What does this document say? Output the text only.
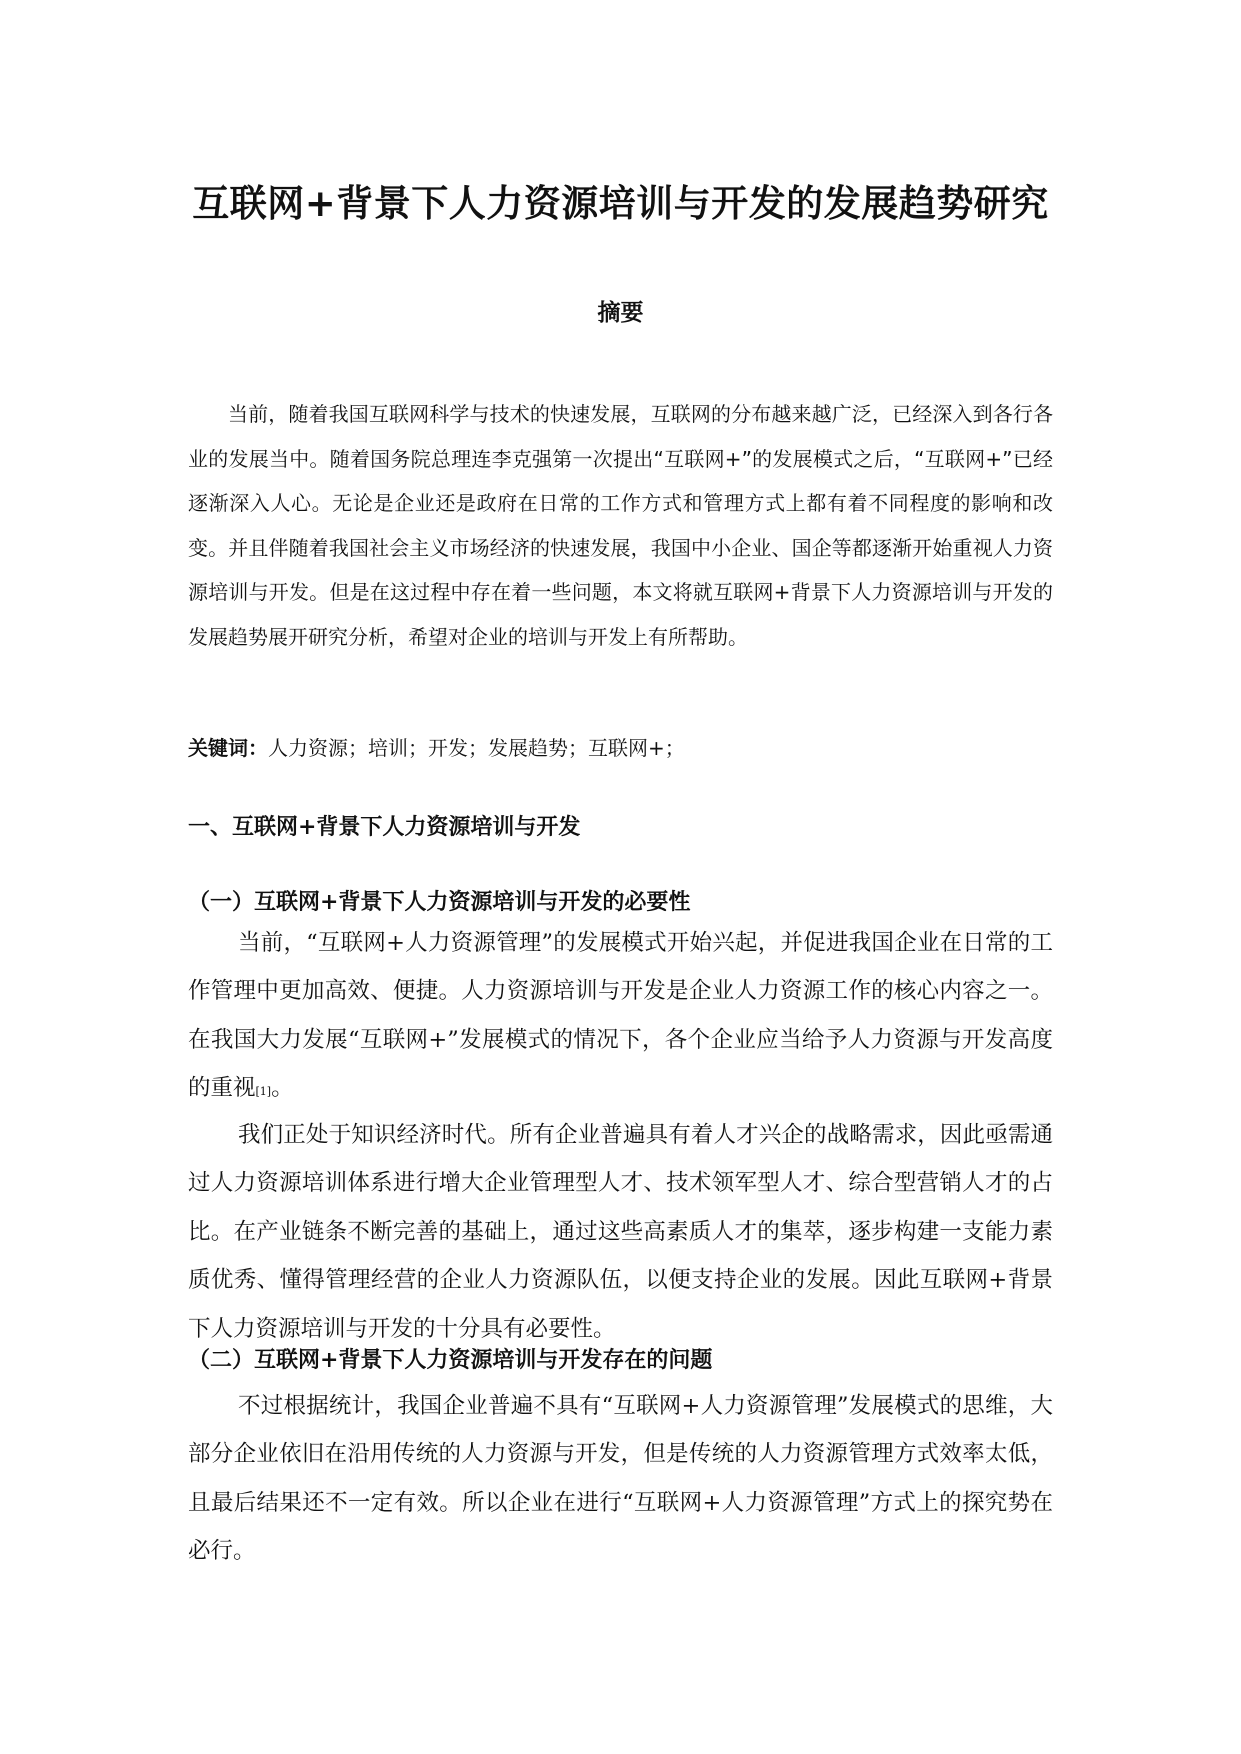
互联网+背景下人力资源培训与开发的发展趋势研究
摘要

当前，随着我国互联网科学与技术的快速发展，互联网的分布越来越广泛，已经深入到各行各业的发展当中。随着国务院总理连李克强第一次提出“互联网+”的发展模式之后，“互联网+”已经逐渐深入人心。无论是企业还是政府在日常的工作方式和管理方式上都有着不同程度的影响和改变。并且伴随着我国社会主义市场经济的快速发展，我国中小企业、国企等都逐渐开始重视人力资源培训与开发。但是在这过程中存在着一些问题，本文将就互联网+背景下人力资源培训与开发的发展趋势展开研究分析，希望对企业的培训与开发上有所帮助。

关键词：人力资源；培训；开发；发展趋势；互联网+；

一、互联网+背景下人力资源培训与开发
（一）互联网+背景下人力资源培训与开发的必要性

当前，“互联网+人力资源管理”的发展模式开始兴起，并促进我国企业在日常的工作管理中更加高效、便捷。人力资源培训与开发是企业人力资源工作的核心内容之一。在我国大力发展“互联网+”发展模式的情况下，各个企业应当给予人力资源与开发高度的重视[1]。

我们正处于知识经济时代。所有企业普遍具有着人才兴企的战略需求，因此亟需通过人力资源培训体系进行增大企业管理型人才、技术领军型人才、综合型营销人才的占比。在产业链条不断完善的基础上，通过这些高素质人才的集萃，逐步构建一支能力素质优秀、懂得管理经营的企业人力资源队伍，以便支持企业的发展。因此互联网+背景下人力资源培训与开发的十分具有必要性。

（二）互联网+背景下人力资源培训与开发存在的问题

不过根据统计，我国企业普遍不具有“互联网+人力资源管理”发展模式的思维，大部分企业依旧在沿用传统的人力资源与开发，但是传统的人力资源管理方式效率太低，且最后结果还不一定有效。所以企业在进行“互联网+人力资源管理”方式上的探究势在必行。
